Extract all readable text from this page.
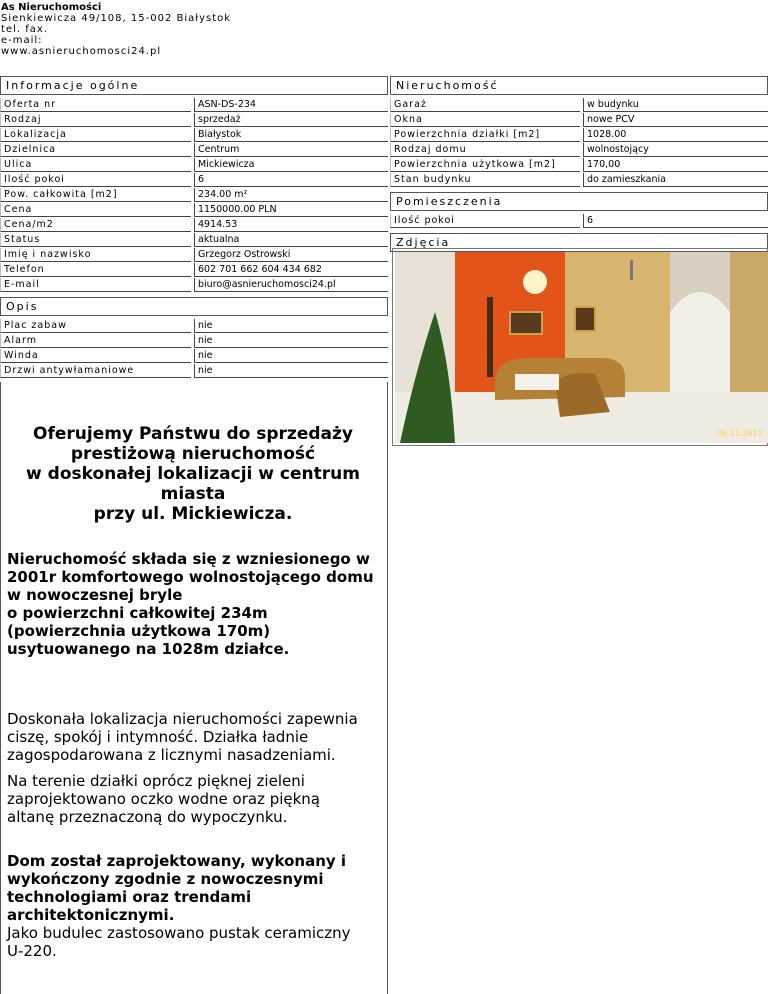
As Nieruchomości
Sienkiewicza 49/108, 15-002 Białystok
tel. fax.
e-mail:
www.asnieruchomosci24.pl
Informacje ogólne
Oferta nr	ASN-DS-234
Rodzaj	sprzedaż
Lokalizacja	Białystok
Dzielnica	Centrum
Ulica	Mickiewicza
Ilość pokoi	6
Pow. całkowita [m2]	234.00 m²
Cena	1150000.00 PLN
Cena/m2	4914.53
Status	aktualna
Imię i nazwisko	Grzegorz Ostrowski
Telefon	602 701 662 604 434 682
E-mail	biuro@asnieruchomosci24.pl
Opis
Plac zabaw	nie
Alarm	nie
Winda	nie
Drzwi antywłamaniowe	nie
Nieruchomość
Garaż	w budynku
Okna	nowe PCV
Powierzchnia działki [m2]	1028.00
Rodzaj domu	wolnostojący
Powierzchnia użytkowa [m2]	170,00
Stan budynku	do zamieszkania
Pomieszczenia
Ilość pokoi	6
Zdjęcia
06.11.2012
Oferujemy Państwu do sprzedaży
prestiżową nieruchomość
w doskonałej lokalizacji w centrum
miasta
przy ul. Mickiewicza.
Nieruchomość składa się z wzniesionego w
2001r komfortowego wolnostojącego domu
w nowoczesnej bryle
o powierzchni całkowitej 234m
(powierzchnia użytkowa 170m)
usytuowanego na 1028m działce.
Doskonała lokalizacja nieruchomości zapewnia
ciszę, spokój i intymność. Działka ładnie
zagospodarowana z licznymi nasadzeniami.
Na terenie działki oprócz pięknej zieleni
zaprojektowano oczko wodne oraz piękną
altanę przeznaczoną do wypoczynku.
Dom został zaprojektowany, wykonany i
wykończony zgodnie z nowoczesnymi
technologiami oraz trendami
architektonicznymi.
Jako budulec zastosowano pustak ceramiczny
U-220.
